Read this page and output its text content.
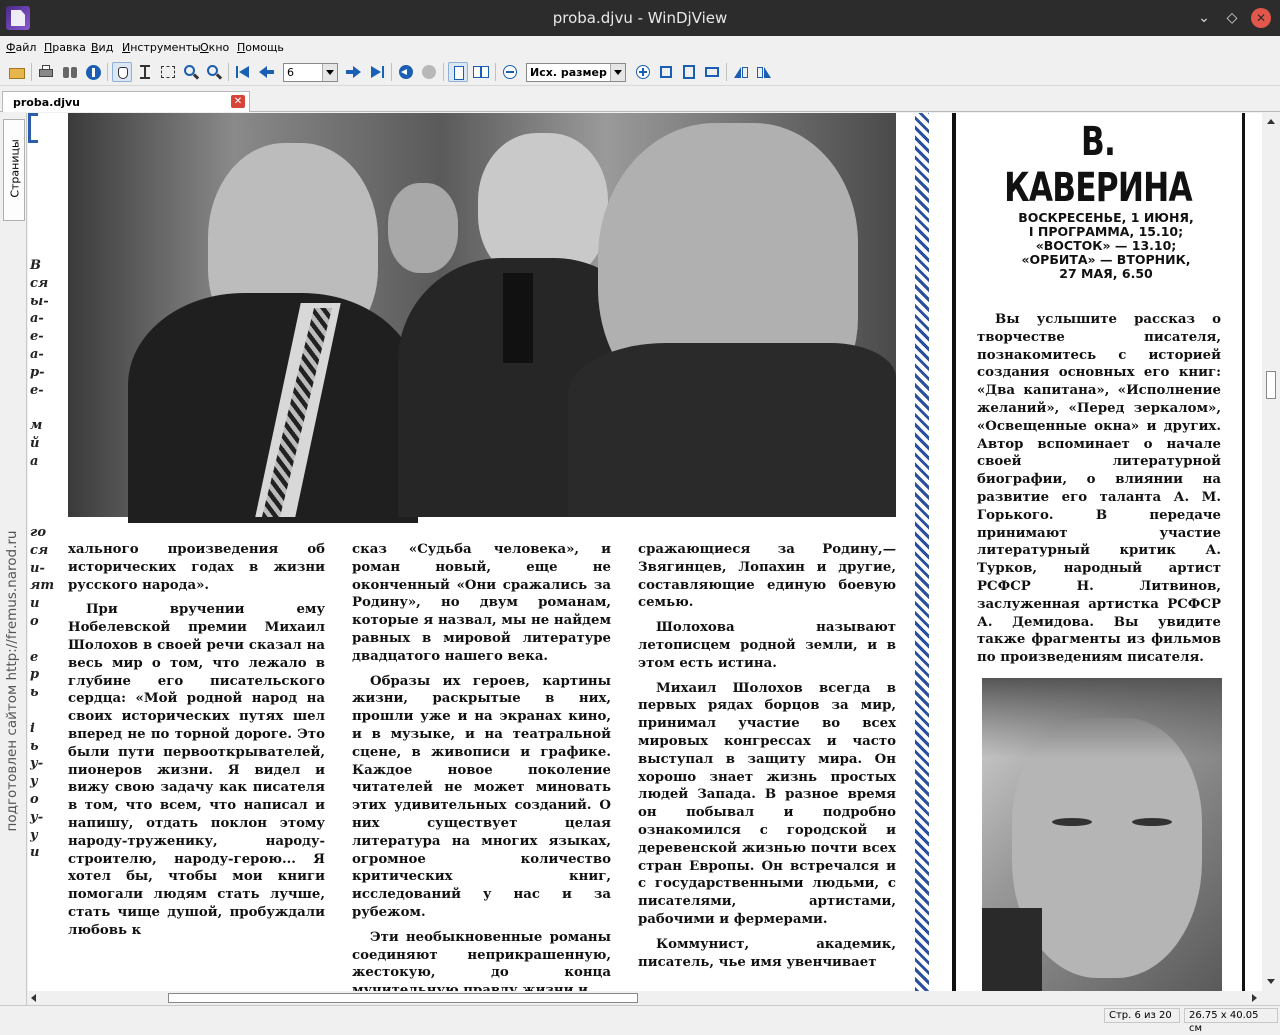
proba.djvu - WinDjView	⌄	◇	✕
Файл Правка Вид Инструменты Окно Помощь
6	Исх. размер
proba.djvu	✕
Страницы
подготовлен сайтом http://fremus.narod.ru
В
ся
ы-
а-
е-
а-
р-
е-

м
й
а

го
ся
и-
ят
и
о

е
р
ь

і
ь
у-
у
о
у-
у
и

хального произведения об исторических годах в жизни русского народа».

При вручении ему Нобелевской премии Михаил Шолохов в своей речи сказал на весь мир о том, что лежало в глубине его писательского сердца: «Мой родной народ на своих исторических путях шел вперед не по торной дороге. Это были пути первооткрывателей, пионеров жизни. Я видел и вижу свою задачу как писателя в том, что всем, что написал и напишу, отдать поклон этому народу-труженику, народу-строителю, народу-герою... Я хотел бы, чтобы мои книги помогали людям стать лучше, стать чище душой, пробуждали любовь к

сказ «Судьба человека», и роман новый, еще не оконченный «Они сражались за Родину», но двум романам, которые я назвал, мы не найдем равных в мировой литературе двадцатого нашего века.

Образы их героев, картины жизни, раскрытые в них, прошли уже и на экранах кино, и в музыке, и на театральной сцене, в живописи и графике. Каждое новое поколение читателей не может миновать этих удивительных созданий. О них существует целая литература на многих языках, огромное количество критических книг, исследований у нас и за рубежом.

Эти необыкновенные романы соединяют неприкрашенную, жестокую, до конца

сражающиеся за Родину,— Звягинцев, Лопахин и другие, составляющие единую боевую семью.

Шолохова называют летописцем родной земли, и в этом есть истина.

Михаил Шолохов всегда в первых рядах борцов за мир, принимал участие во всех мировых конгрессах и часто выступал в защиту мира. Он хорошо знает жизнь простых людей Запада. В разное время он побывал и подробно ознакомился с городской и деревенской жизнью почти всех стран Европы. Он встречался и с государственными людьми, с писателями, артистами, рабочими и фермерами.

Коммунист, академик, писатель, чье имя увенчивает

В. КАВЕРИНА
ВОСКРЕСЕНЬЕ, 1 ИЮНЯ,
І ПРОГРАММА, 15.10;
«ВОСТОК» — 13.10;
«ОРБИТА» — ВТОРНИК,
27 МАЯ, 6.50

Вы услышите рассказ о творчестве писателя, познакомитесь с историей создания основных его книг: «Два капитана», «Исполнение желаний», «Перед зеркалом», «Освещенные окна» и других. Автор вспоминает о начале своей литературной биографии, о влиянии на развитие его таланта А. М. Горького. В передаче принимают участие литературный критик А. Турков, народный артист РСФСР Н. Литвинов, заслуженная артистка РСФСР А. Демидова. Вы увидите также фрагменты из фильмов по произведениям писателя.

Стр. 6 из 20	26.75 x 40.05 см
